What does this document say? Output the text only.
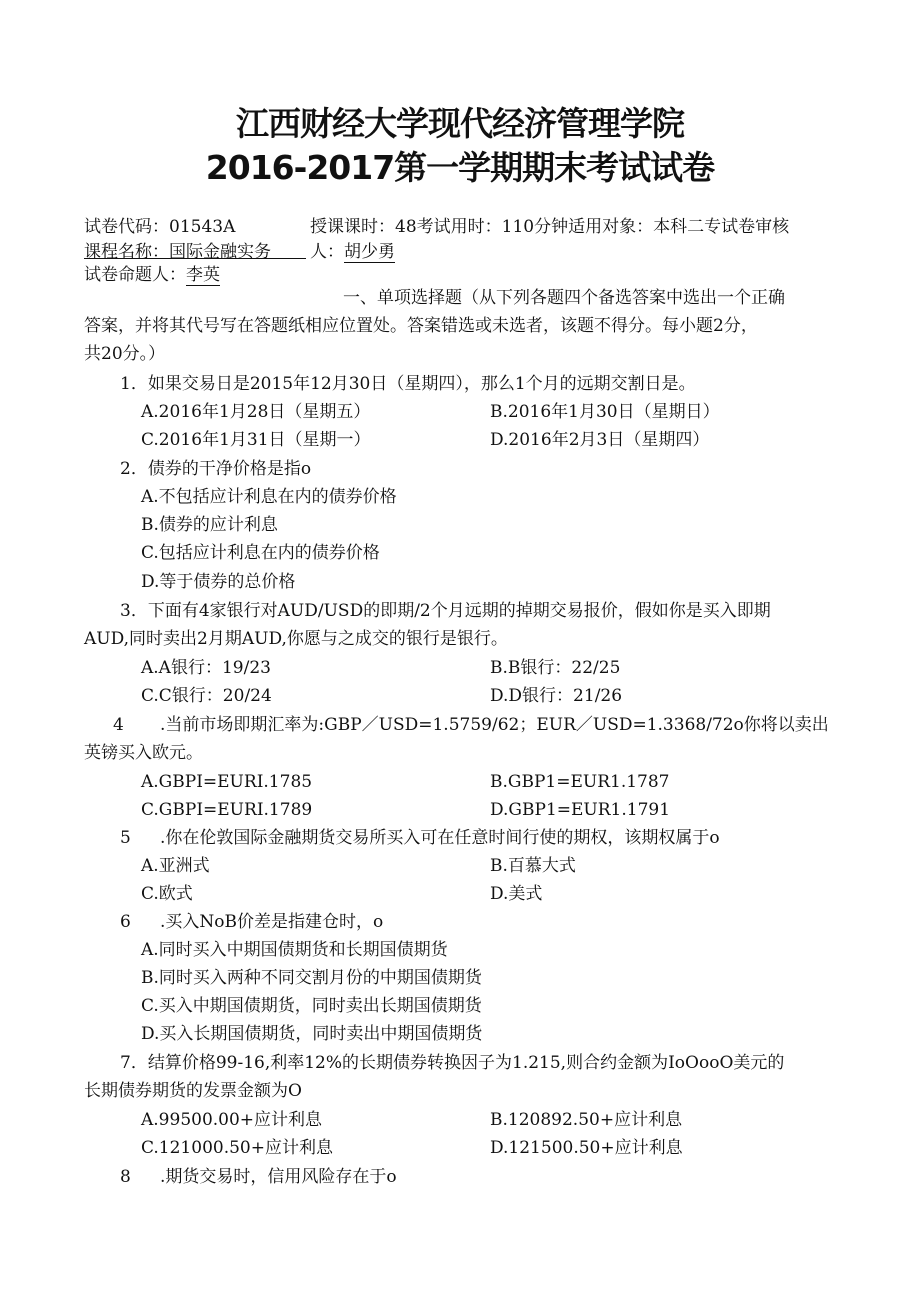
江西财经大学现代经济管理学院
2016-2017第一学期期末考试试卷
试卷代码：01543A	授课课时：48考试用时：110分钟适用对象：本科二专试卷审核
课程名称：国际金融实务 人：胡少勇
试卷命题人：李英
一、单项选择题（从下列各题四个备选答案中选出一个正确
答案，并将其代号写在答题纸相应位置处。答案错选或未选者，该题不得分。每小题2分，
共20分。）
1．如果交易日是2015年12月30日（星期四），那么1个月的远期交割日是。
A.2016年1月28日（星期五）	B.2016年1月30日（星期日）
C.2016年1月31日（星期一）	D.2016年2月3日（星期四）
2．债券的干净价格是指o
A.不包括应计利息在内的债券价格
B.债券的应计利息
C.包括应计利息在内的债券价格
D.等于债券的总价格
3．下面有4家银行对AUD/USD的即期/2个月远期的掉期交易报价，假如你是买入即期
AUD,同时卖出2月期AUD,你愿与之成交的银行是银行。
A.A银行：19/23	B.B银行：22/25
C.C银行：20/24	D.D银行：21/26
4 .当前市场即期汇率为:GBP／USD=1.5759/62；EUR／USD=1.3368/72o你将以卖出
英镑买入欧元。
A.GBPI=EURI.1785	B.GBP1=EUR1.1787
C.GBPI=EURI.1789	D.GBP1=EUR1.1791
5 .你在伦敦国际金融期货交易所买入可在任意时间行使的期权，该期权属于o
A.亚洲式	B.百慕大式
C.欧式	D.美式
6 .买入NoB价差是指建仓时，o
A.同时买入中期国债期货和长期国债期货
B.同时买入两种不同交割月份的中期国债期货
C.买入中期国债期货，同时卖出长期国债期货
D.买入长期国债期货，同时卖出中期国债期货
7．结算价格99-16,利率12%的长期债券转换因子为1.215,则合约金额为IoOooO美元的
长期债券期货的发票金额为O
A.99500.00+应计利息	B.120892.50+应计利息
C.121000.50+应计利息	D.121500.50+应计利息
8 .期货交易时，信用风险存在于o
